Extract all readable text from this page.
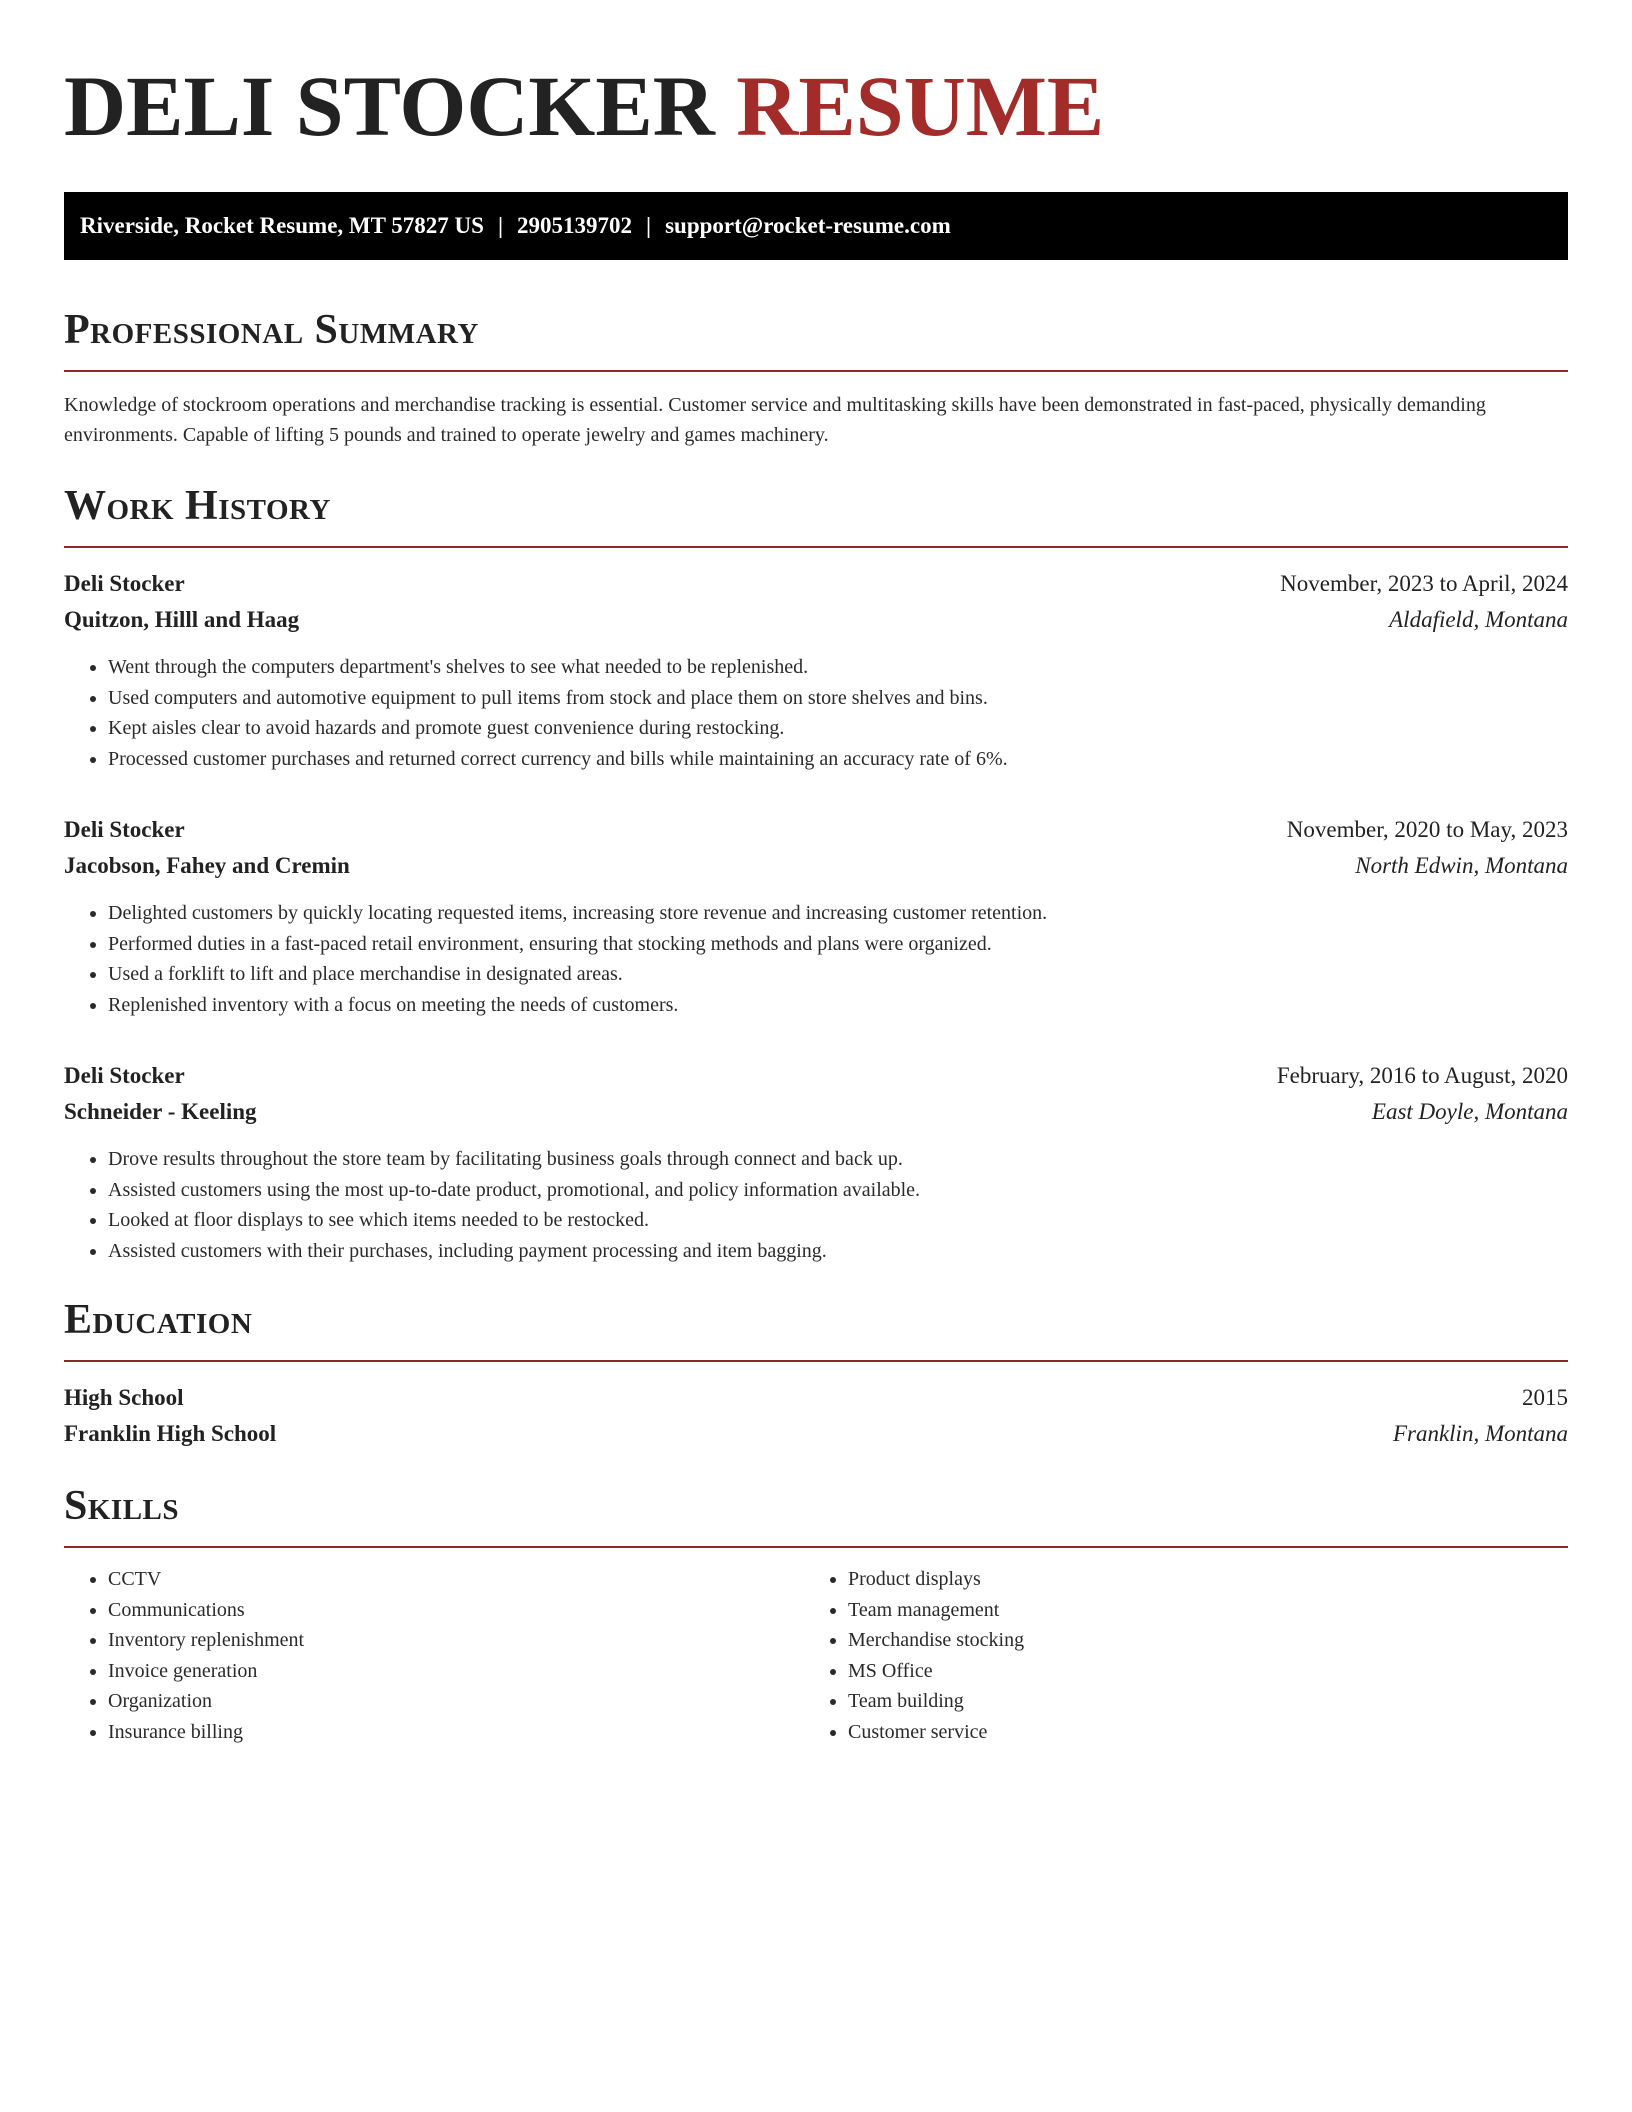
DELI STOCKER RESUME
Riverside, Rocket Resume, MT 57827 US | 2905139702 | support@rocket-resume.com
Professional Summary

Knowledge of stockroom operations and merchandise tracking is essential. Customer service and multitasking skills have been demonstrated in fast-paced, physically demanding environments. Capable of lifting 5 pounds and trained to operate jewelry and games machinery.

Work History
Deli Stocker	November, 2023 to April, 2024
Quitzon, Hilll and Haag	Aldafield, Montana
• Went through the computers department's shelves to see what needed to be replenished.
• Used computers and automotive equipment to pull items from stock and place them on store shelves and bins.
• Kept aisles clear to avoid hazards and promote guest convenience during restocking.
• Processed customer purchases and returned correct currency and bills while maintaining an accuracy rate of 6%.
Deli Stocker	November, 2020 to May, 2023
Jacobson, Fahey and Cremin	North Edwin, Montana
• Delighted customers by quickly locating requested items, increasing store revenue and increasing customer retention.
• Performed duties in a fast-paced retail environment, ensuring that stocking methods and plans were organized.
• Used a forklift to lift and place merchandise in designated areas.
• Replenished inventory with a focus on meeting the needs of customers.
Deli Stocker	February, 2016 to August, 2020
Schneider - Keeling	East Doyle, Montana
• Drove results throughout the store team by facilitating business goals through connect and back up.
• Assisted customers using the most up-to-date product, promotional, and policy information available.
• Looked at floor displays to see which items needed to be restocked.
• Assisted customers with their purchases, including payment processing and item bagging.
Education
High School	2015
Franklin High School	Franklin, Montana
Skills
• CCTV
• Communications
• Inventory replenishment
• Invoice generation
• Organization
• Insurance billing
• Product displays
• Team management
• Merchandise stocking
• MS Office
• Team building
• Customer service
